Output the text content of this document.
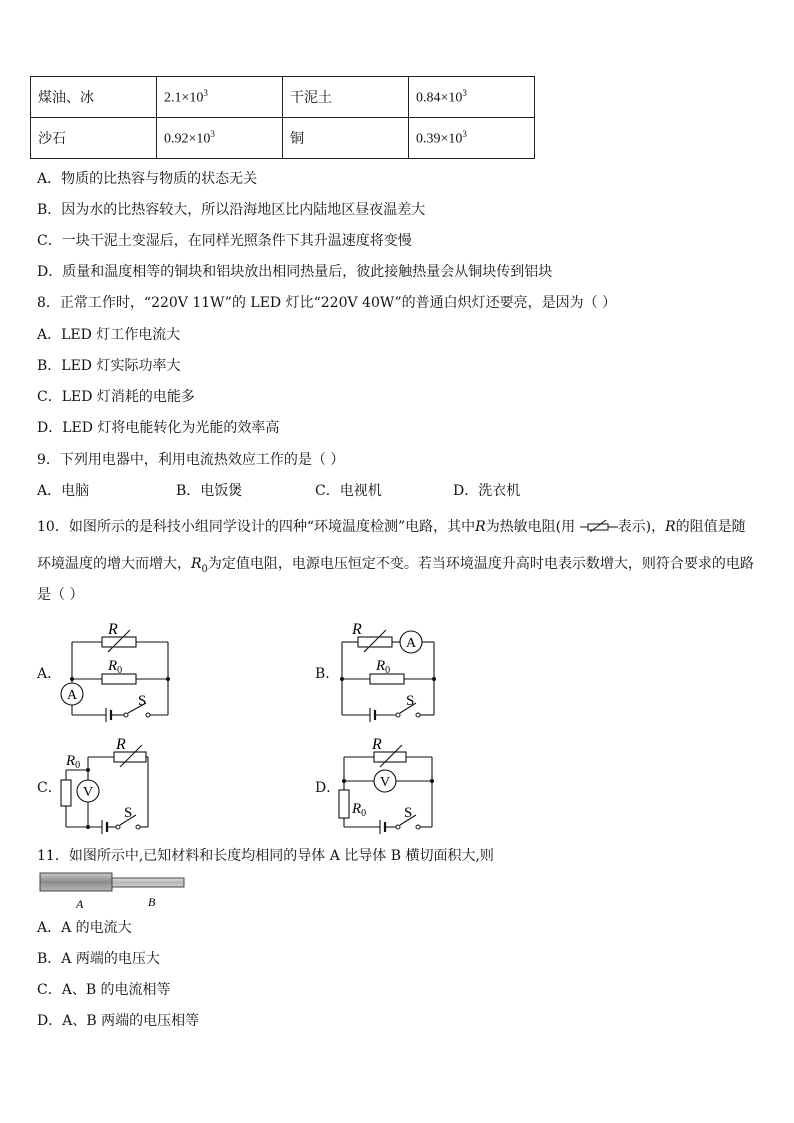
煤油、冰	$2.1\times 10^3$	干泥土	$0.84\times 10^3$
沙石	$0.92\times 10^3$	铜	$0.39\times 10^3$
A．物质的比热容与物质的状态无关
B．因为水的比热容较大，所以沿海地区比内陆地区昼夜温差大
C．一块干泥土变湿后，在同样光照条件下其升温速度将变慢
D．质量和温度相等的铜块和铝块放出相同热量后，彼此接触热量会从铜块传到铝块
8．正常工作时，“220V 11W”的 LED 灯比“220V 40W”的普通白炽灯还要亮，是因为（ ）
A．LED 灯工作电流大
B．LED 灯实际功率大
C．LED 灯消耗的电能多
D．LED 灯将电能转化为光能的效率高
9．下列用电器中，利用电流热效应工作的是（ ）
A．电脑	B．电饭煲	C．电视机	D．洗衣机
10．如图所示的是科技小组同学设计的四种“环境温度检测”电路，其中R为热敏电阻(用	表示)，R的阻值是随
环境温度的增大而增大，$R_0$为定值电阻，电源电压恒定不变。若当环境温度升高时电表示数增大，则符合要求的电路
是（ ）
A．
R
$R_0$
A	S
B．
R
$R_0$
A
S
C．
R
$R_0$
V
S
D．
R
$R_0$
V
S
11．如图所示中,已知材料和长度均相同的导体 A 比导体 B 横切面积大,则
A	B
A．A 的电流大
B．A 两端的电压大
C．A、B 的电流相等
D．A、B 两端的电压相等
